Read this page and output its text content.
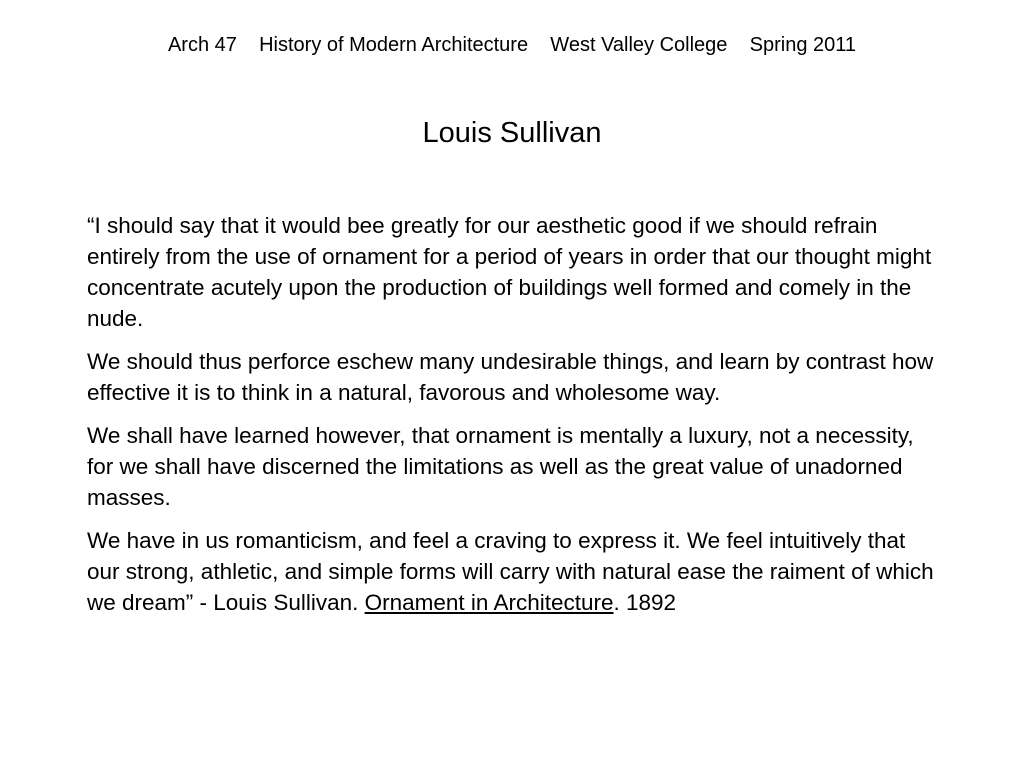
Arch 47    History of Modern Architecture    West Valley College    Spring 2011
Louis Sullivan

“I should say that it would bee greatly for our aesthetic good if we should refrain entirely from the use of ornament for a period of years in order that our thought might concentrate acutely upon the production of buildings well formed and comely in the nude.

We should thus perforce eschew many undesirable things, and learn by contrast how effective it is to think in a natural, favorous and wholesome way.

We shall have learned however, that ornament is mentally a luxury, not a necessity, for we shall have discerned the limitations as well as the great value of unadorned masses.

We have in us romanticism, and feel a craving to express it. We feel intuitively that our strong, athletic, and simple forms will carry with natural ease the raiment of which we dream” - Louis Sullivan. Ornament in Architecture. 1892
